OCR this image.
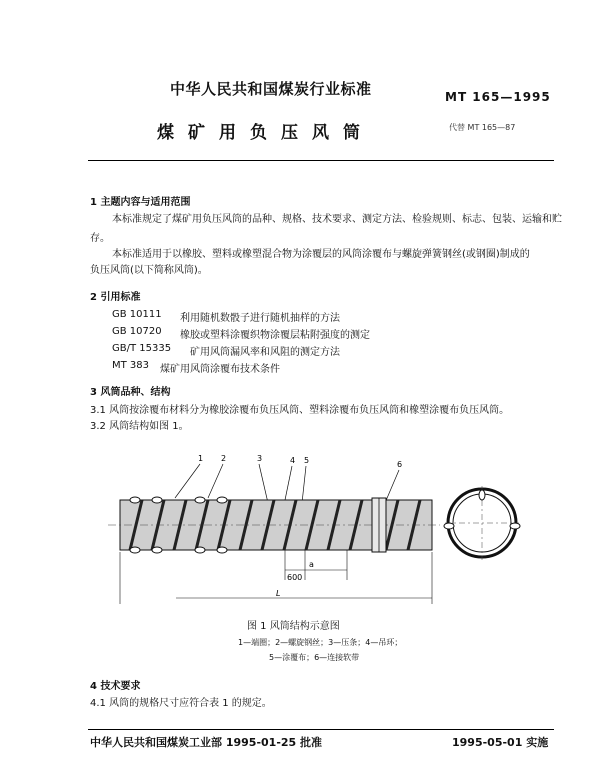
中华人民共和国煤炭行业标准	MT 165—1995
煤矿用负压风筒	代替 MT 165—87
1 主题内容与适用范围
本标准规定了煤矿用负压风筒的品种、规格、技术要求、测定方法、检验规则、标志、包装、运输和贮
存。
本标准适用于以橡胶、塑料或橡塑混合物为涂覆层的风筒涂覆布与螺旋弹簧钢丝(或钢圈)制成的
负压风筒(以下简称风筒)。
2 引用标准
GB 10111 利用随机数骰子进行随机抽样的方法
GB 10720 橡胶或塑料涂覆织物涂覆层粘附强度的测定
GB/T 15335 矿用风筒漏风率和风阻的测定方法
MT 383 煤矿用风筒涂覆布技术条件
3 风筒品种、结构
3.1 风筒按涂覆布材料分为橡胶涂覆布负压风筒、塑料涂覆布负压风筒和橡塑涂覆布负压风筒。
3.2 风筒结构如图 1。
1 2	3	4 5	6
a
600
L
图 1 风筒结构示意图
1—端圈；2—螺旋钢丝；3—压条；4—吊环；
5—涂覆布；6—连接软带
4 技术要求
4.1 风筒的规格尺寸应符合表 1 的规定。
中华人民共和国煤炭工业部 1995-01-25 批准	1995-05-01 实施
